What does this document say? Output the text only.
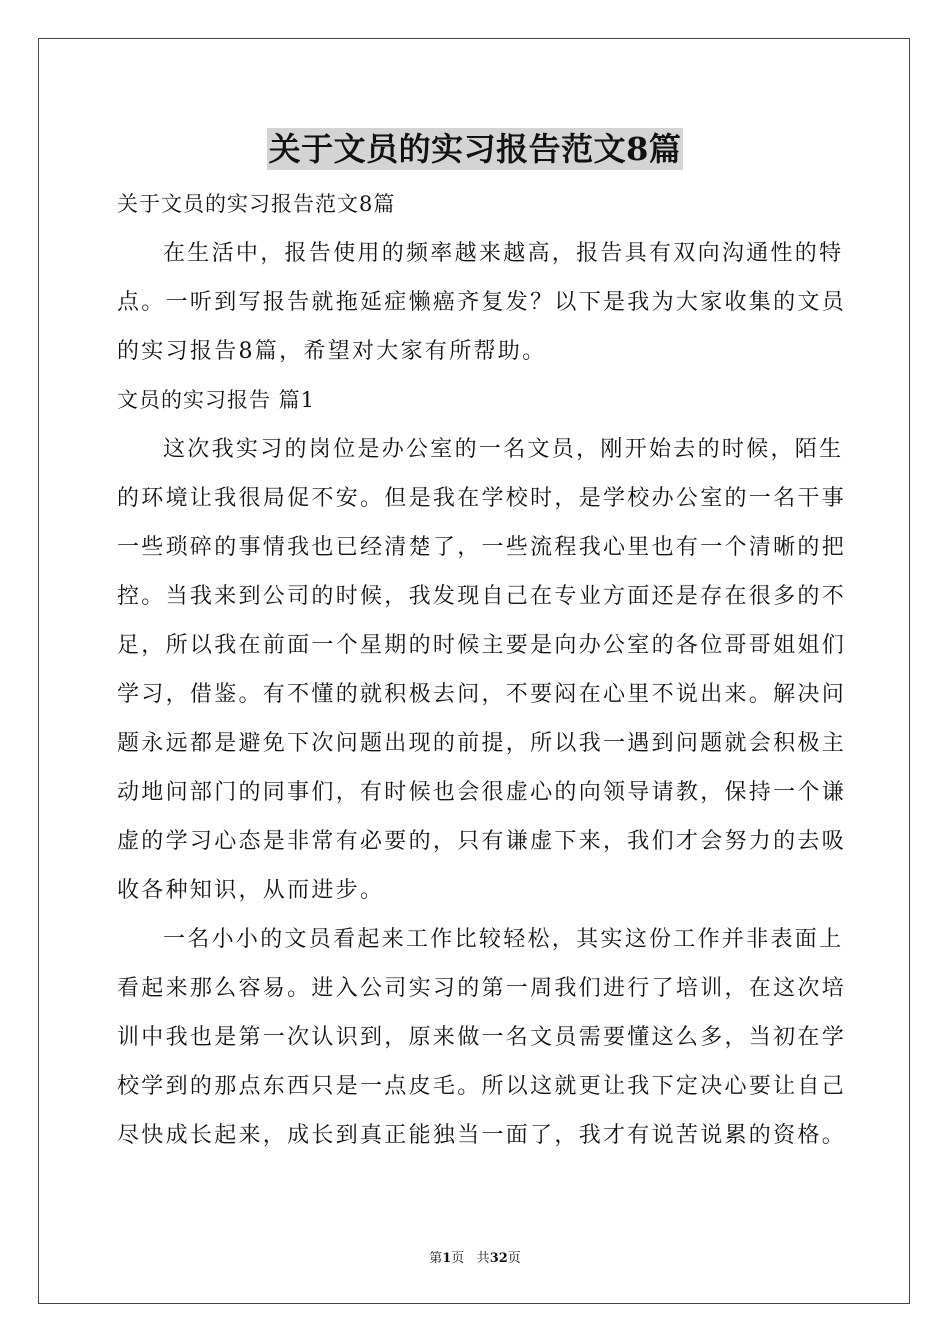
关于文员的实习报告范文8篇
关于文员的实习报告范文8篇
在生活中，报告使用的频率越来越高，报告具有双向沟通性的特
点。一听到写报告就拖延症懒癌齐复发？以下是我为大家收集的文员
的实习报告8篇，希望对大家有所帮助。
文员的实习报告 篇1
这次我实习的岗位是办公室的一名文员，刚开始去的时候，陌生
的环境让我很局促不安。但是我在学校时，是学校办公室的一名干事
一些琐碎的事情我也已经清楚了，一些流程我心里也有一个清晰的把
控。当我来到公司的时候，我发现自己在专业方面还是存在很多的不
足，所以我在前面一个星期的时候主要是向办公室的各位哥哥姐姐们
学习，借鉴。有不懂的就积极去问，不要闷在心里不说出来。解决问
题永远都是避免下次问题出现的前提，所以我一遇到问题就会积极主
动地问部门的同事们，有时候也会很虚心的向领导请教，保持一个谦
虚的学习心态是非常有必要的，只有谦虚下来，我们才会努力的去吸
收各种知识，从而进步。
一名小小的文员看起来工作比较轻松，其实这份工作并非表面上
看起来那么容易。进入公司实习的第一周我们进行了培训，在这次培
训中我也是第一次认识到，原来做一名文员需要懂这么多，当初在学
校学到的那点东西只是一点皮毛。所以这就更让我下定决心要让自己
尽快成长起来，成长到真正能独当一面了，我才有说苦说累的资格。
第1页 共32页
